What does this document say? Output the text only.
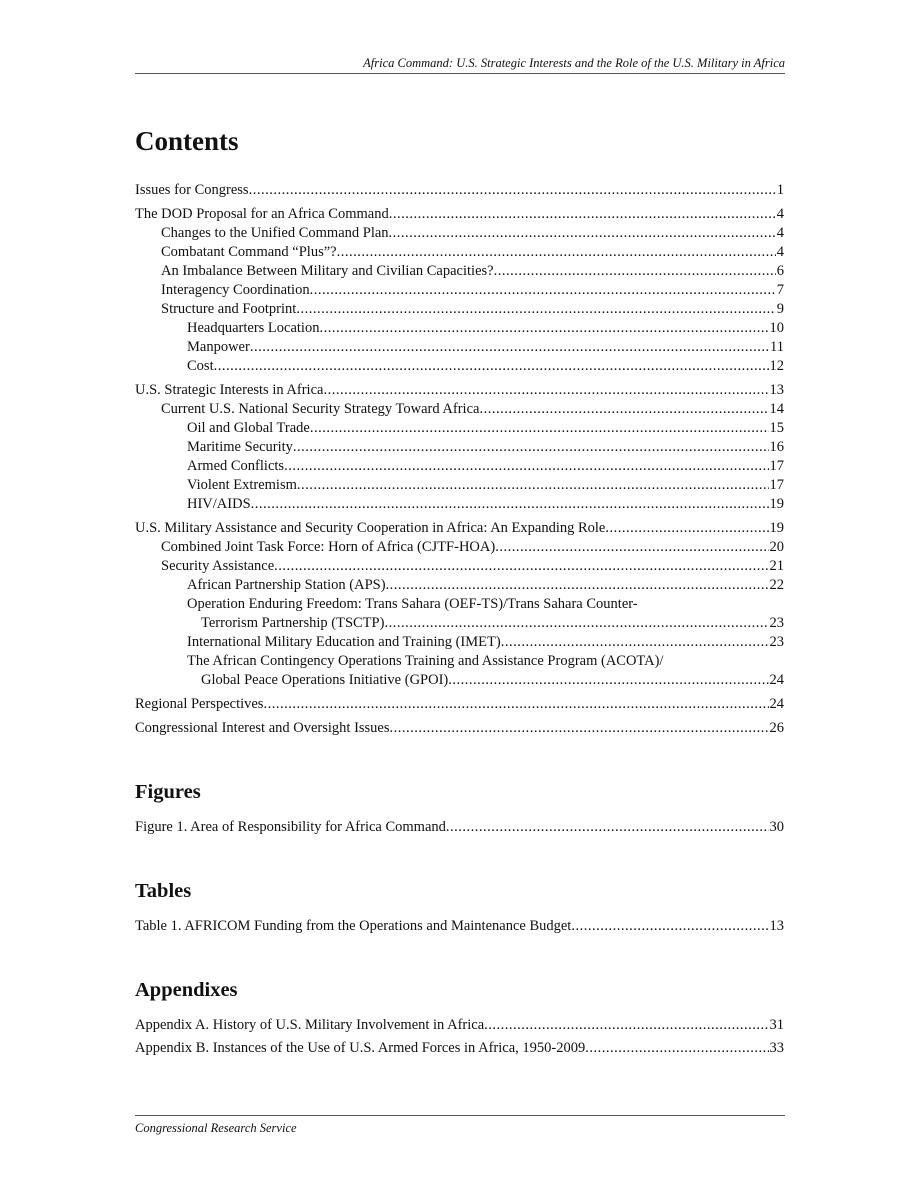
Africa Command: U.S. Strategic Interests and the Role of the U.S. Military in Africa
Contents
Issues for Congress .....	1
The DOD Proposal for an Africa Command .....	4
Changes to the Unified Command Plan .....	4
Combatant Command “Plus”? .....	4
An Imbalance Between Military and Civilian Capacities? .....	6
Interagency Coordination .....	7
Structure and Footprint .....	9
Headquarters Location .....	10
Manpower .....	11
Cost .....	12
U.S. Strategic Interests in Africa .....	13
Current U.S. National Security Strategy Toward Africa .....	14
Oil and Global Trade .....	15
Maritime Security .....	16
Armed Conflicts .....	17
Violent Extremism .....	17
HIV/AIDS .....	19
U.S. Military Assistance and Security Cooperation in Africa: An Expanding Role .....	19
Combined Joint Task Force: Horn of Africa (CJTF-HOA) .....	20
Security Assistance .....	21
African Partnership Station (APS) .....	22
Operation Enduring Freedom: Trans Sahara (OEF-TS)/Trans Sahara Counter-
Terrorism Partnership (TSCTP) .....	23
International Military Education and Training (IMET) .....	23
The African Contingency Operations Training and Assistance Program (ACOTA)/
Global Peace Operations Initiative (GPOI) .....	24
Regional Perspectives .....	24
Congressional Interest and Oversight Issues .....	26
Figures
Figure 1. Area of Responsibility for Africa Command .....	30
Tables
Table 1. AFRICOM Funding from the Operations and Maintenance Budget .....	13
Appendixes
Appendix A. History of U.S. Military Involvement in Africa .....	31
Appendix B. Instances of the Use of U.S. Armed Forces in Africa, 1950-2009 .....	33
Congressional Research Service
